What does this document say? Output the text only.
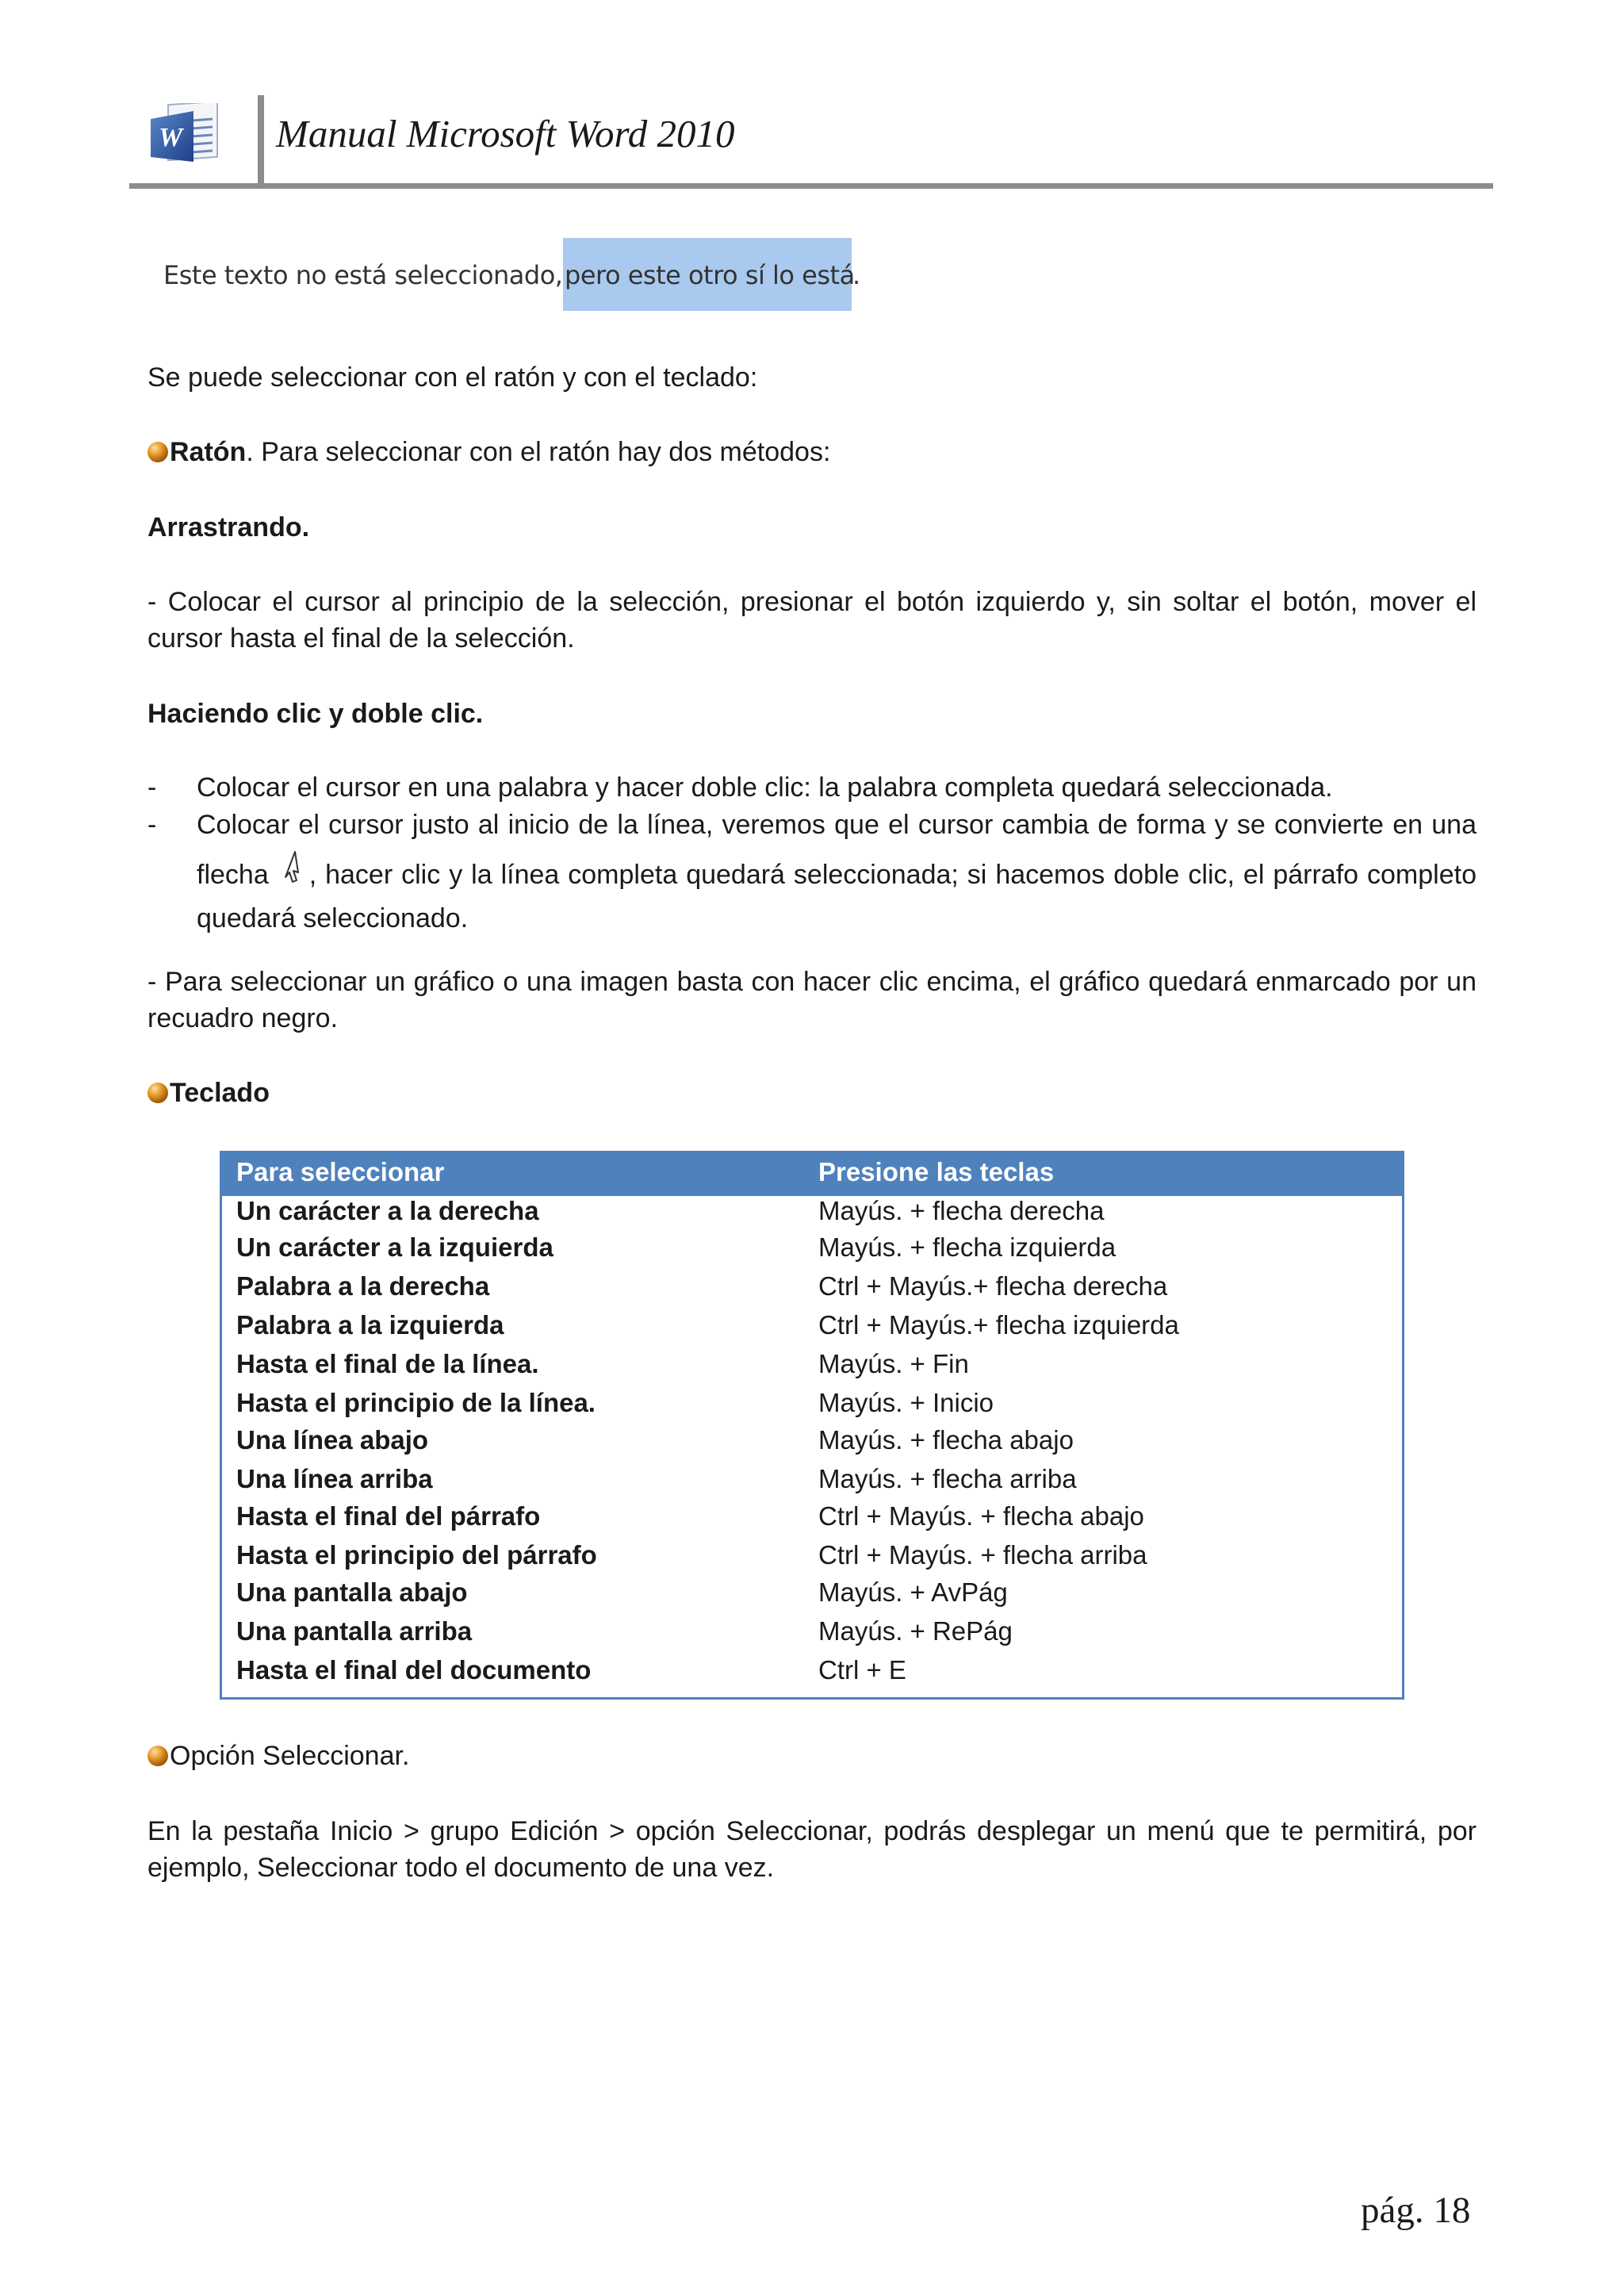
W Manual Microsoft Word 2010
Este texto no está seleccionado, pero este otro sí lo está
.
Se puede seleccionar con el ratón y con el teclado:
Ratón. Para seleccionar con el ratón hay dos métodos:
Arrastrando.
- Colocar el cursor al principio de la selección, presionar el botón izquierdo y, sin soltar el botón, mover el cursor hasta el final de la selección.
Haciendo clic y doble clic.
- Colocar el cursor en una palabra y hacer doble clic: la palabra completa quedará seleccionada.
- Colocar el cursor justo al inicio de la línea, veremos que el cursor cambia de forma y se convierte en una flecha , hacer clic y la línea completa quedará seleccionada; si hacemos doble clic, el párrafo completo quedará seleccionado.
- Para seleccionar un gráfico o una imagen basta con hacer clic encima, el gráfico quedará enmarcado por un recuadro negro.
Teclado
Para seleccionar	Presione las teclas
Un carácter a la derecha	Mayús. + flecha derecha
Un carácter a la izquierda	Mayús. + flecha izquierda
Palabra a la derecha	Ctrl + Mayús.+ flecha derecha
Palabra a la izquierda	Ctrl + Mayús.+ flecha izquierda
Hasta el final de la línea.	Mayús. + Fin
Hasta el principio de la línea.	Mayús. + Inicio
Una línea abajo	Mayús. + flecha abajo
Una línea arriba	Mayús. + flecha arriba
Hasta el final del párrafo	Ctrl + Mayús. + flecha abajo
Hasta el principio del párrafo	Ctrl + Mayús. + flecha arriba
Una pantalla abajo	Mayús. + AvPág
Una pantalla arriba	Mayús. + RePág
Hasta el final del documento	Ctrl + E
Opción Seleccionar.
En la pestaña Inicio > grupo Edición > opción Seleccionar, podrás desplegar un menú que te permitirá, por ejemplo, Seleccionar todo el documento de una vez.
pág. 18
